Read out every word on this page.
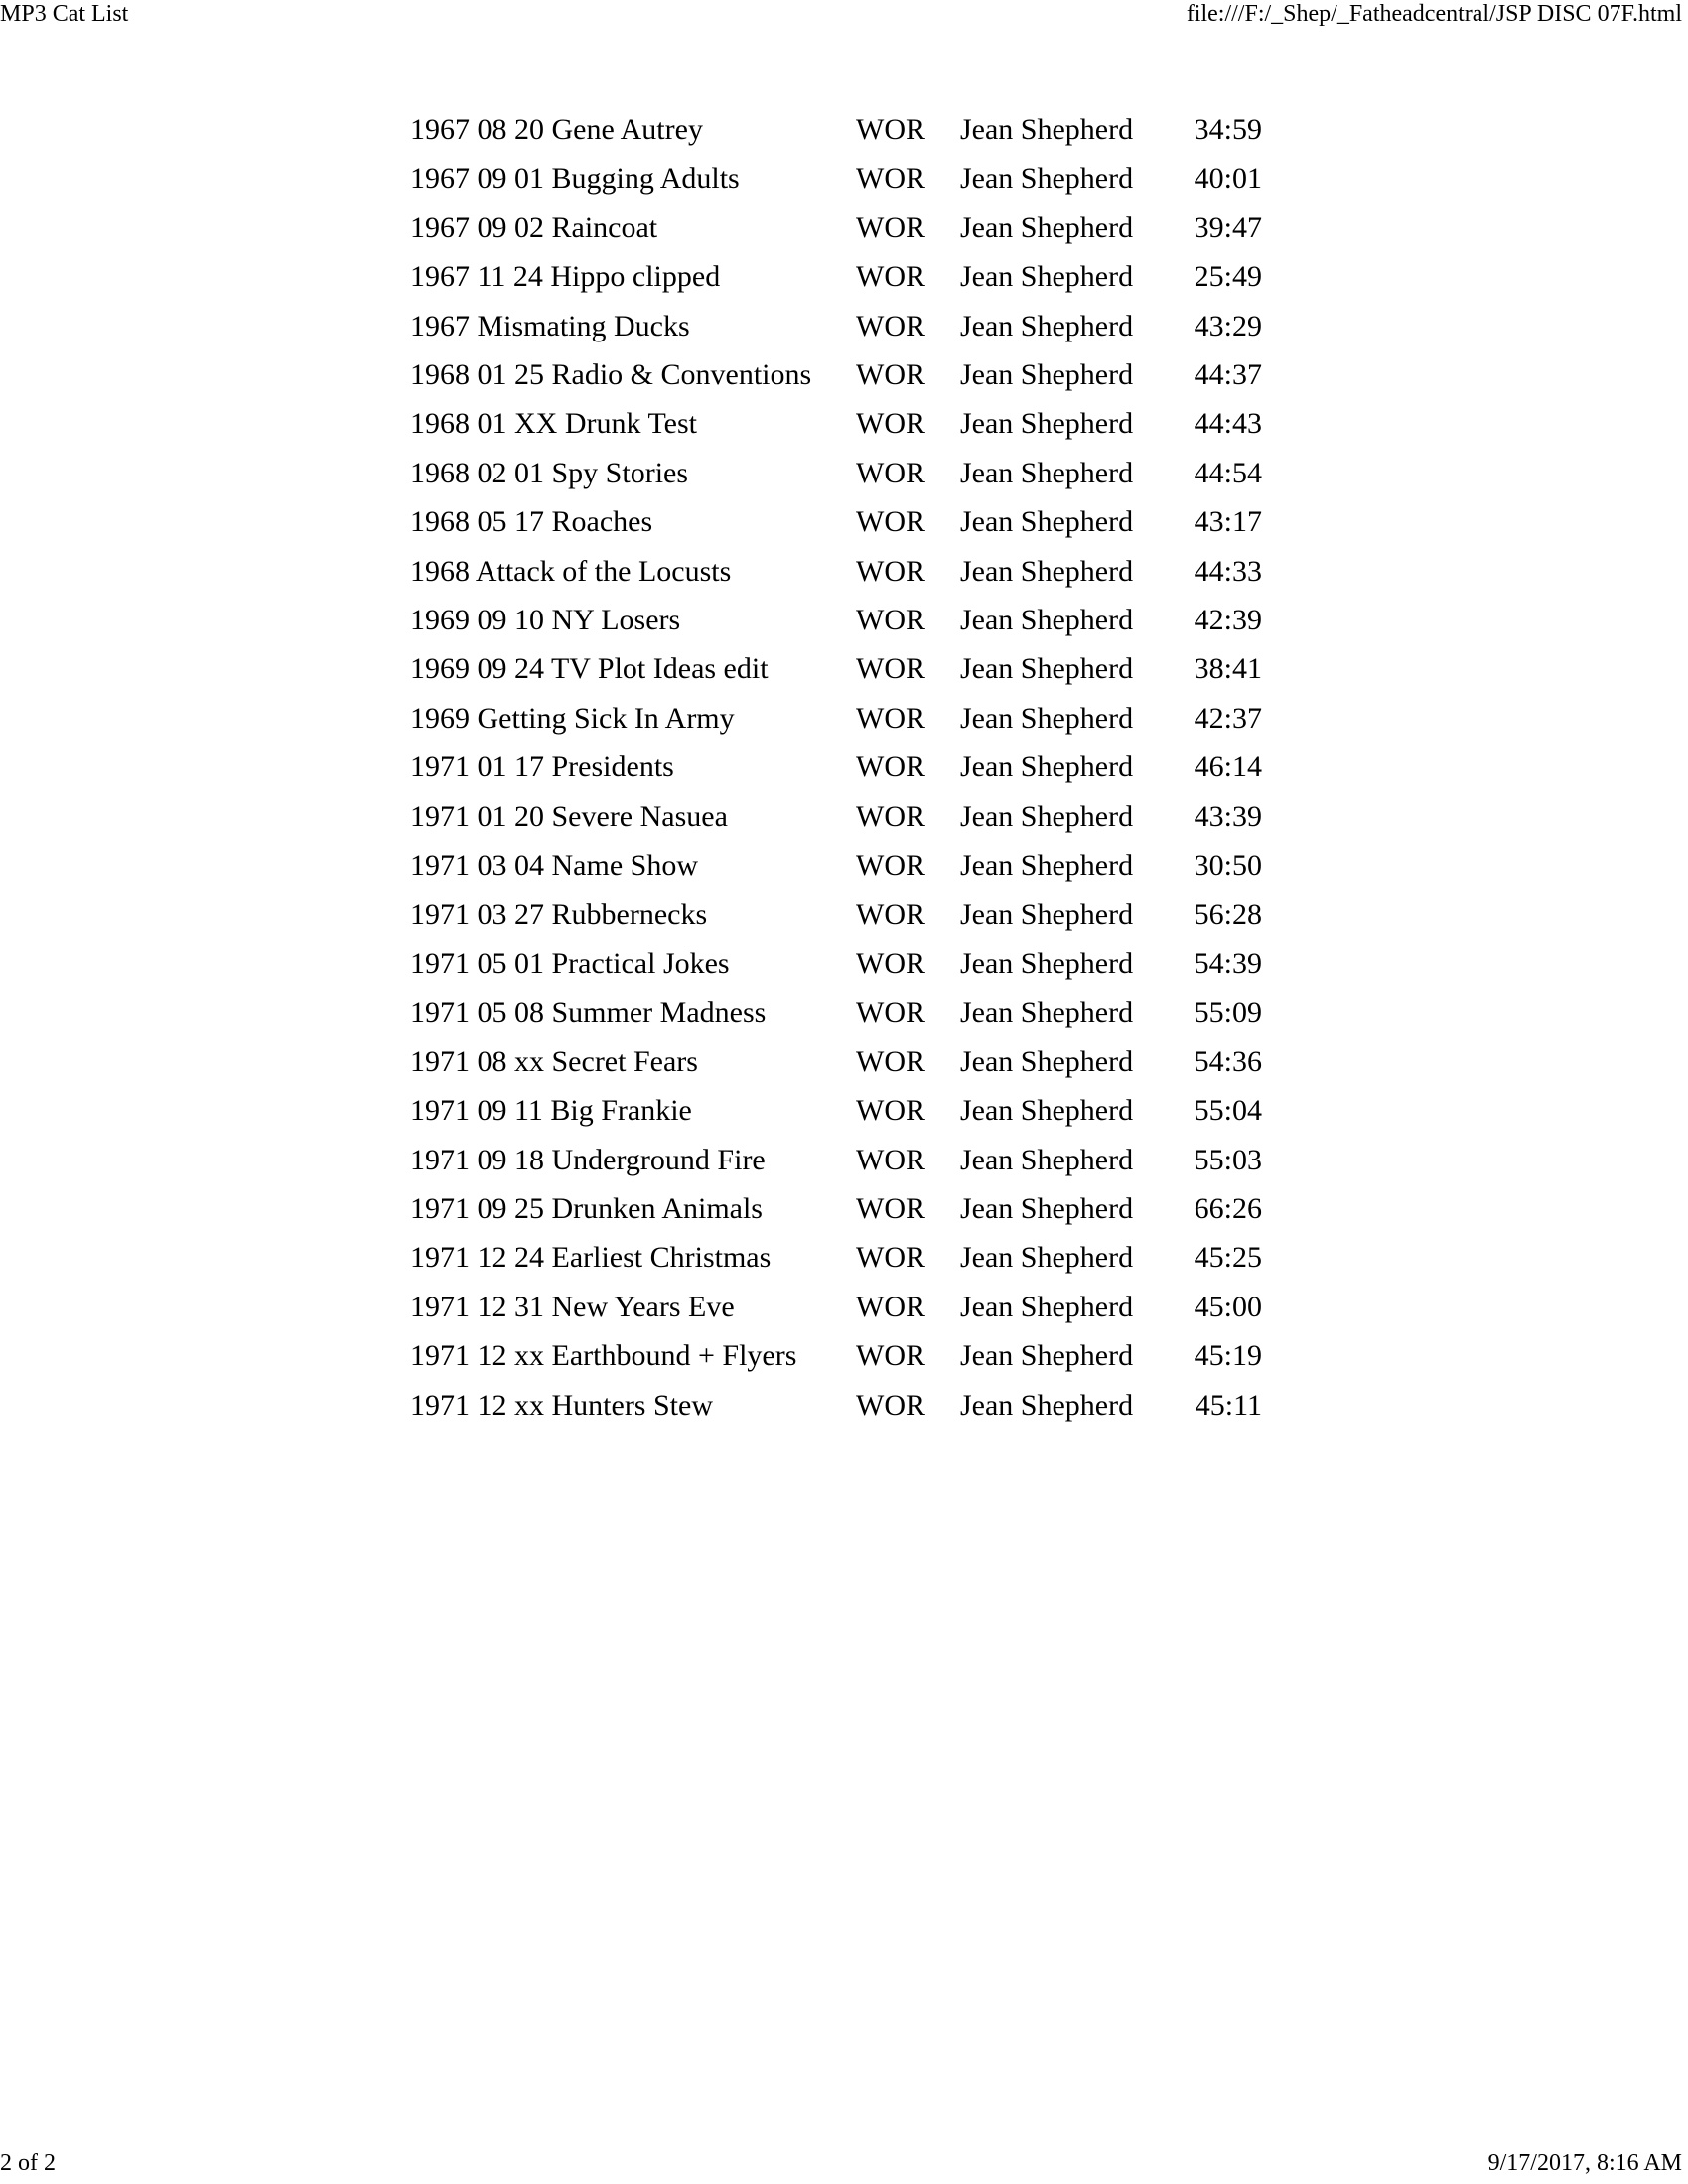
MP3 Cat List	file:///F:/_Shep/_Fatheadcentral/JSP DISC 07F.html
1967 08 20 Gene Autrey	WOR	Jean Shepherd	34:59
1967 09 01 Bugging Adults	WOR	Jean Shepherd	40:01
1967 09 02 Raincoat	WOR	Jean Shepherd	39:47
1967 11 24 Hippo clipped	WOR	Jean Shepherd	25:49
1967 Mismating Ducks	WOR	Jean Shepherd	43:29
1968 01 25 Radio & Conventions	WOR	Jean Shepherd	44:37
1968 01 XX Drunk Test	WOR	Jean Shepherd	44:43
1968 02 01 Spy Stories	WOR	Jean Shepherd	44:54
1968 05 17 Roaches	WOR	Jean Shepherd	43:17
1968 Attack of the Locusts	WOR	Jean Shepherd	44:33
1969 09 10 NY Losers	WOR	Jean Shepherd	42:39
1969 09 24 TV Plot Ideas edit	WOR	Jean Shepherd	38:41
1969 Getting Sick In Army	WOR	Jean Shepherd	42:37
1971 01 17 Presidents	WOR	Jean Shepherd	46:14
1971 01 20 Severe Nasuea	WOR	Jean Shepherd	43:39
1971 03 04 Name Show	WOR	Jean Shepherd	30:50
1971 03 27 Rubbernecks	WOR	Jean Shepherd	56:28
1971 05 01 Practical Jokes	WOR	Jean Shepherd	54:39
1971 05 08 Summer Madness	WOR	Jean Shepherd	55:09
1971 08 xx Secret Fears	WOR	Jean Shepherd	54:36
1971 09 11 Big Frankie	WOR	Jean Shepherd	55:04
1971 09 18 Underground Fire	WOR	Jean Shepherd	55:03
1971 09 25 Drunken Animals	WOR	Jean Shepherd	66:26
1971 12 24 Earliest Christmas	WOR	Jean Shepherd	45:25
1971 12 31 New Years Eve	WOR	Jean Shepherd	45:00
1971 12 xx Earthbound + Flyers	WOR	Jean Shepherd	45:19
1971 12 xx Hunters Stew	WOR	Jean Shepherd	45:11
2 of 2	9/17/2017, 8:16 AM
